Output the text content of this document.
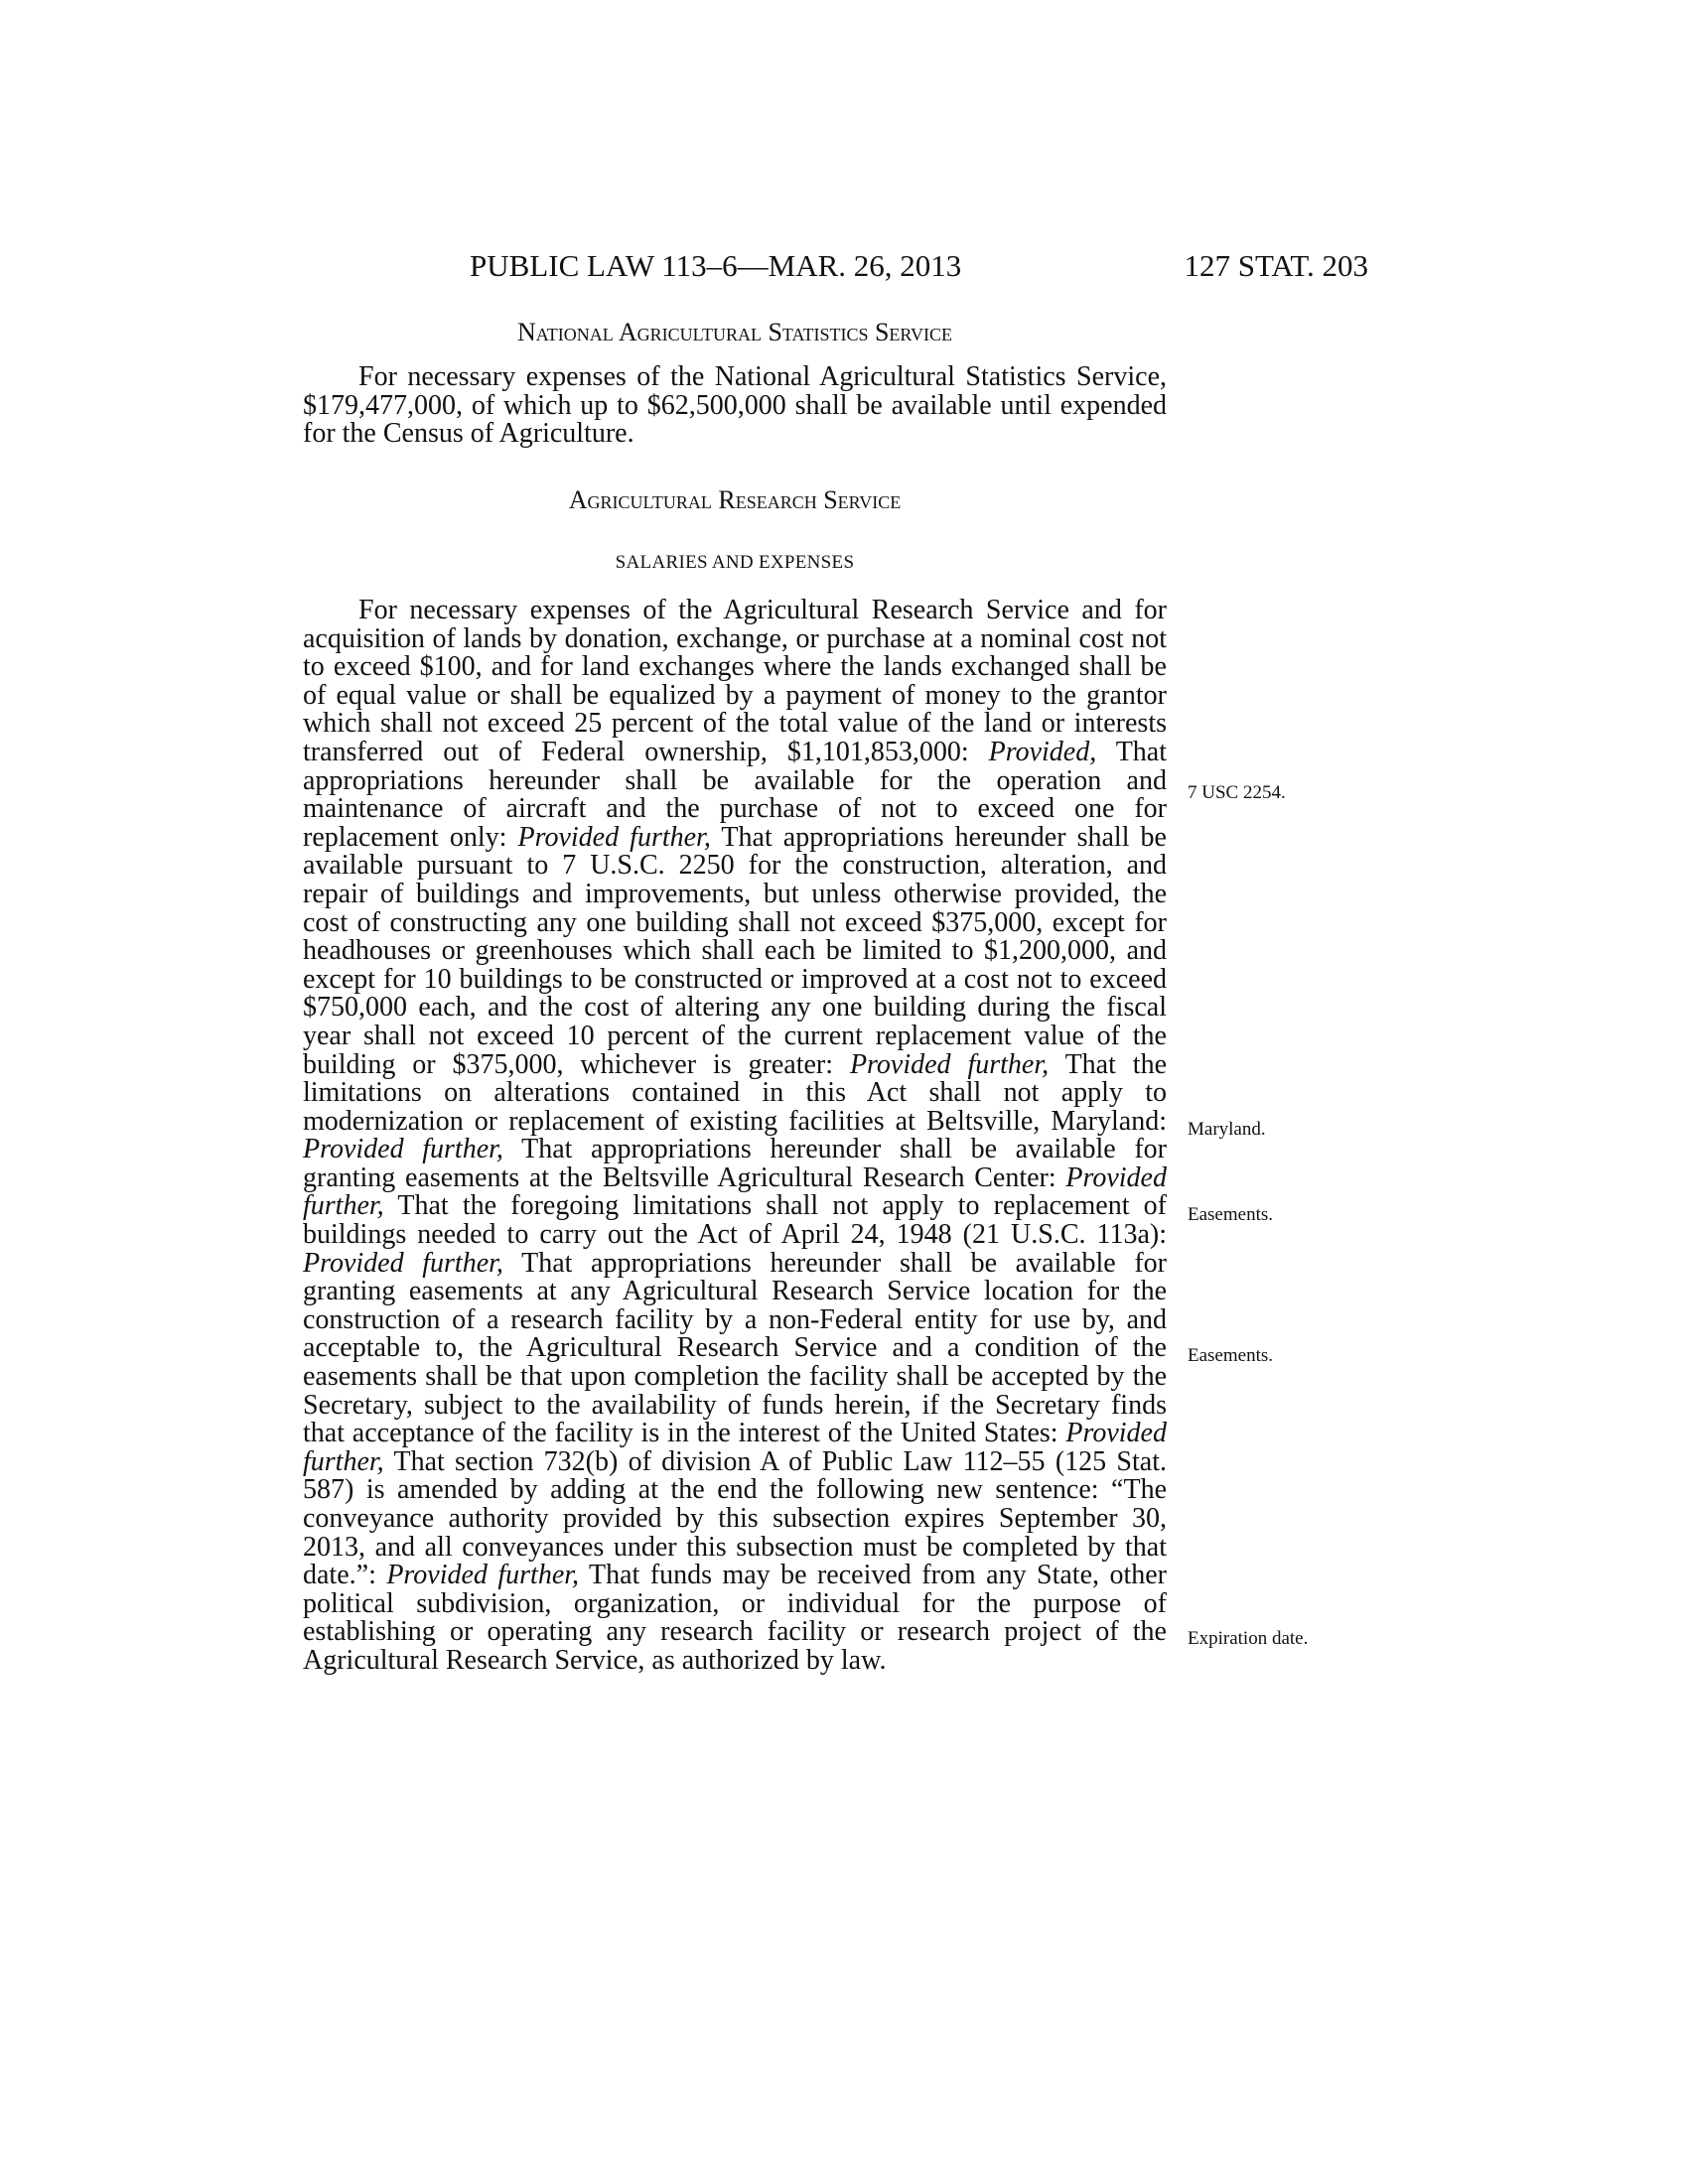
PUBLIC LAW 113–6—MAR. 26, 2013	127 STAT. 203
National Agricultural Statistics Service

For necessary expenses of the National Agricultural Statistics Service, $179,477,000, of which up to $62,500,000 shall be available until expended for the Census of Agriculture.

Agricultural Research Service
SALARIES AND EXPENSES

For necessary expenses of the Agricultural Research Service and for acquisition of lands by donation, exchange, or purchase at a nominal cost not to exceed $100, and for land exchanges where the lands exchanged shall be of equal value or shall be equalized by a payment of money to the grantor which shall not exceed 25 percent of the total value of the land or interests transferred out of Federal ownership, $1,101,853,000: Provided, That appropriations hereunder shall be available for the operation and maintenance of aircraft and the purchase of not to exceed one for replacement only: Provided further, That appropriations hereunder shall be available pursuant to 7 U.S.C. 2250 for the construction, alteration, and repair of buildings and improvements, but unless otherwise provided, the cost of constructing any one building shall not exceed $375,000, except for headhouses or greenhouses which shall each be limited to $1,200,000, and except for 10 buildings to be constructed or improved at a cost not to exceed $750,000 each, and the cost of altering any one building during the fiscal year shall not exceed 10 percent of the current replacement value of the building or $375,000, whichever is greater: Provided further, That the limitations on alterations contained in this Act shall not apply to modernization or replacement of existing facilities at Beltsville, Maryland: Provided further, That appropriations hereunder shall be available for granting easements at the Beltsville Agricultural Research Center: Provided further, That the foregoing limitations shall not apply to replacement of buildings needed to carry out the Act of April 24, 1948 (21 U.S.C. 113a): Provided further, That appropriations hereunder shall be available for granting easements at any Agricultural Research Service location for the construction of a research facility by a non-Federal entity for use by, and acceptable to, the Agricultural Research Service and a condition of the easements shall be that upon completion the facility shall be accepted by the Secretary, subject to the availability of funds herein, if the Secretary finds that acceptance of the facility is in the interest of the United States: Provided further, That section 732(b) of division A of Public Law 112–55 (125 Stat. 587) is amended by adding at the end the following new sentence: “The conveyance authority provided by this subsection expires September 30, 2013, and all conveyances under this subsection must be completed by that date.”: Provided further, That funds may be received from any State, other political subdivision, organization, or individual for the purpose of establishing or operating any research facility or research project of the Agricultural Research Service, as authorized by law.

7 USC 2254.
Maryland.
Easements.
Easements.
Expiration date.
